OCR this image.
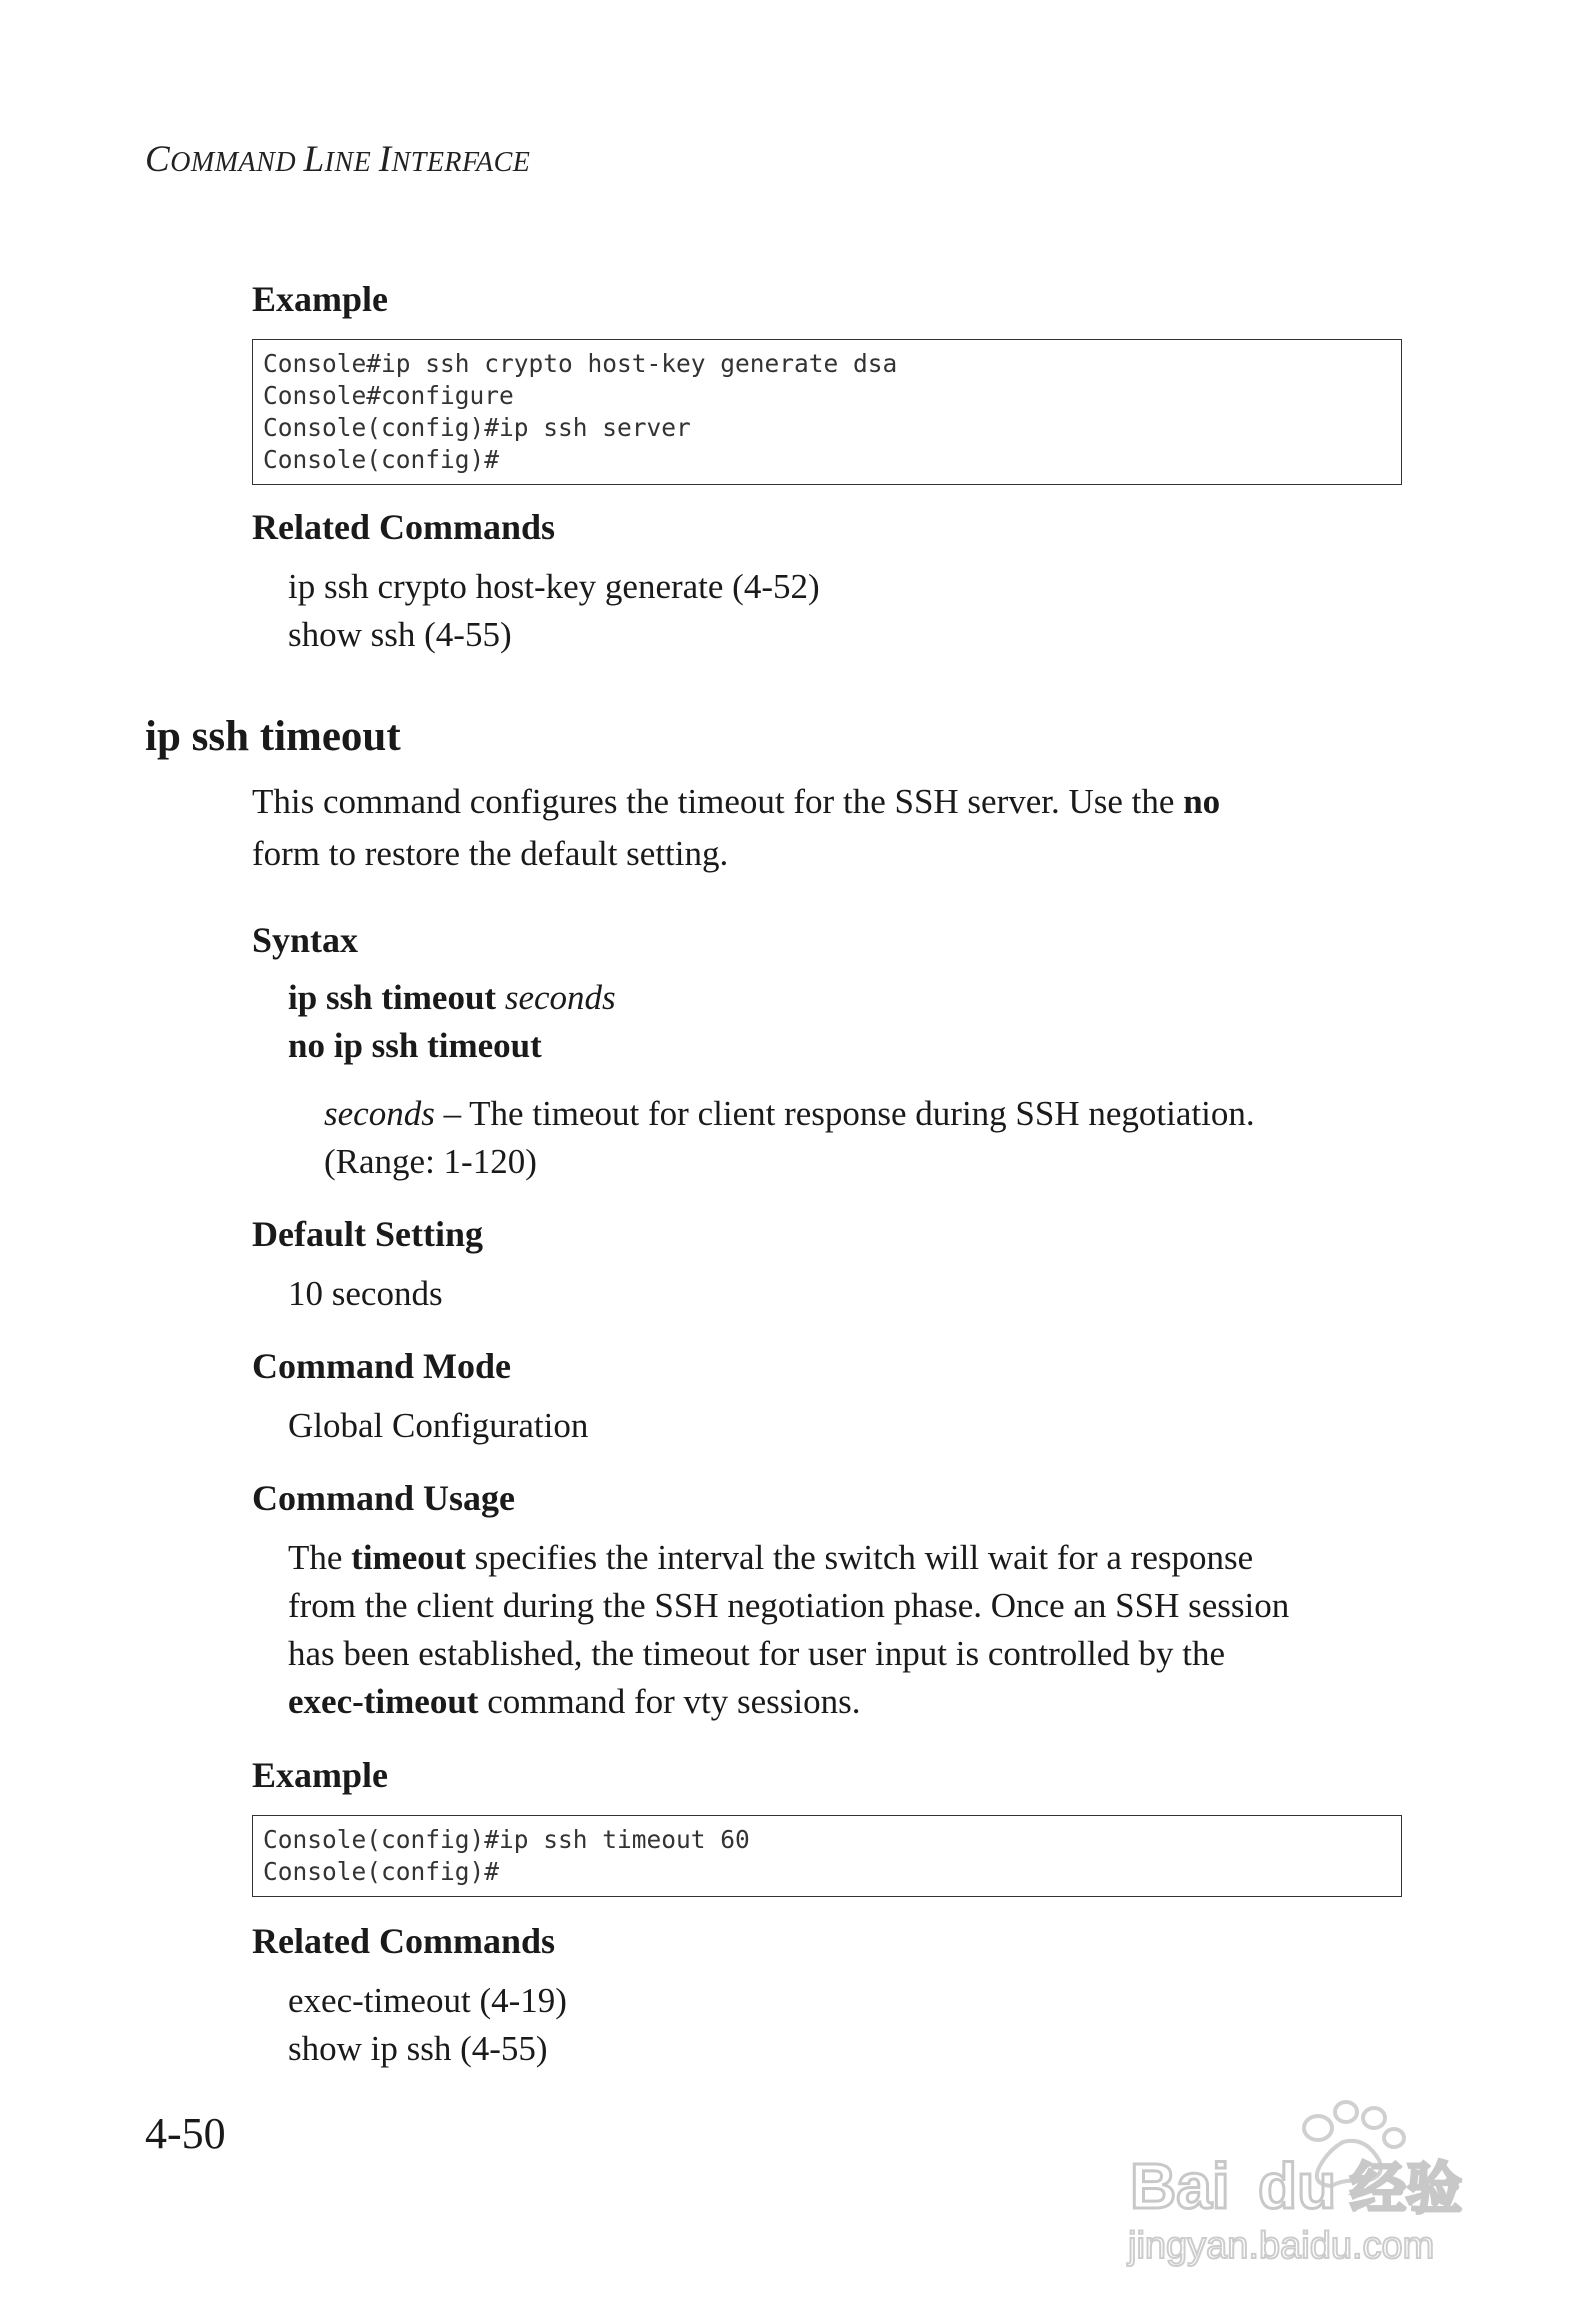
COMMAND LINE INTERFACE
Example
Console#ip ssh crypto host-key generate dsa
Console#configure
Console(config)#ip ssh server
Console(config)#
Related Commands
ip ssh crypto host-key generate (4-52)
show ssh (4-55)
ip ssh timeout
This command configures the timeout for the SSH server. Use the no
form to restore the default setting.
Syntax
ip ssh timeout seconds
no ip ssh timeout
seconds – The timeout for client response during SSH negotiation.
(Range: 1-120)
Default Setting
10 seconds
Command Mode
Global Configuration
Command Usage
The timeout specifies the interval the switch will wait for a response
from the client during the SSH negotiation phase. Once an SSH session
has been established, the timeout for user input is controlled by the
exec-timeout command for vty sessions.
Example
Console(config)#ip ssh timeout 60
Console(config)#
Related Commands
exec-timeout (4-19)
show ip ssh (4-55)
4-50
Bai du 经验
jingyan.baidu.com
